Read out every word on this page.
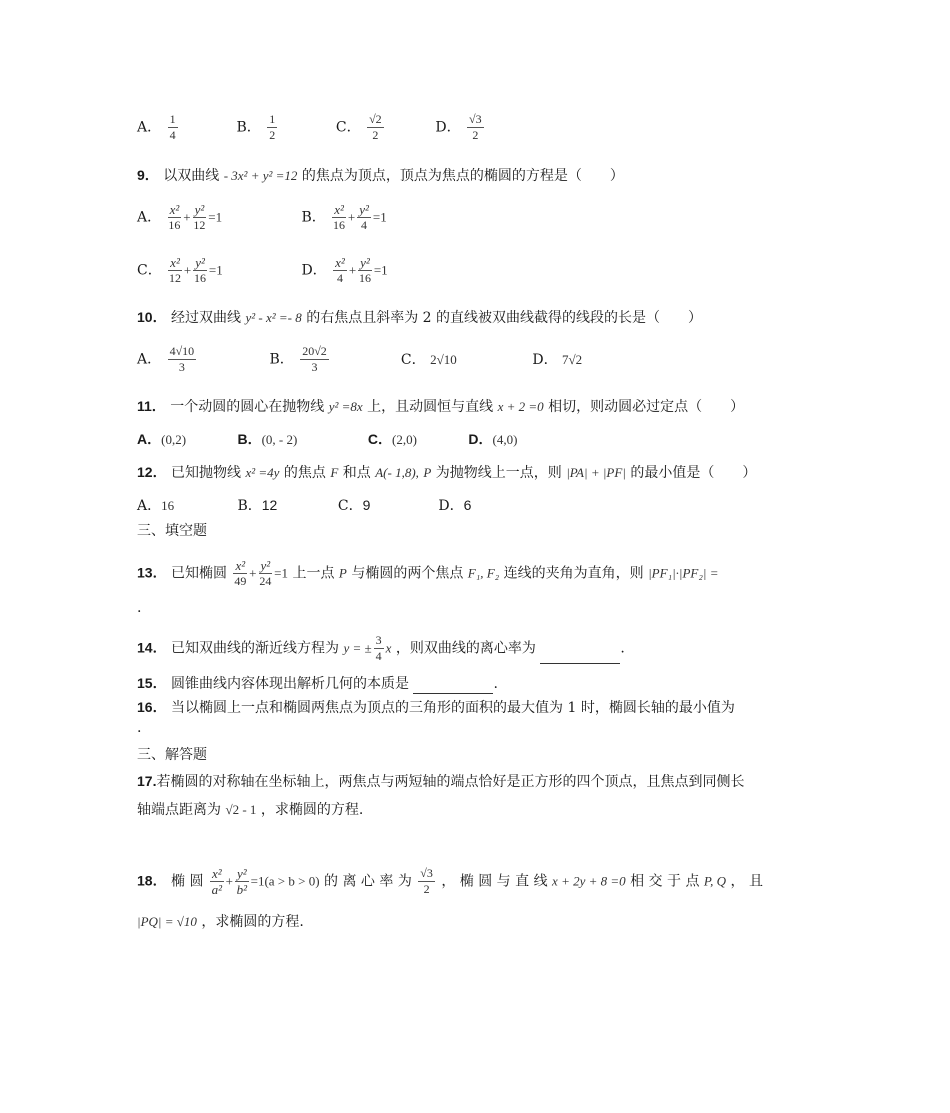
A． $\frac{1}{4}$	B． $\frac{1}{2}$	C． $\frac{√2}{2}$	D． $\frac{√3}{2}$
9． 以双曲线 - 3x² + y² =12 的焦点为顶点，顶点为焦点的椭圆的方程是（　　）
A． $\frac{\text{x²}}{16} + \frac{\text{y²}}{12} =1$	B． $\frac{\text{x²}}{16} + \frac{\text{y²}}{4} =1$
C． $\frac{\text{x²}}{12} + \frac{\text{y²}}{16} =1$	D． $\frac{\text{x²}}{4} + \frac{\text{y²}}{16} =1$
10． 经过双曲线 y² - x² =- 8 的右焦点且斜率为 2 的直线被双曲线截得的线段的长是（　　）
A． $\frac{4√10}{3}$	B． $\frac{20√2}{3}$	C． 2√10	D． 7√2
11． 一个动圆的圆心在抛物线 y² =8x 上，且动圆恒与直线 x + 2 =0 相切，则动圆必过定点（　　）
A．(0,2)	B．(0, - 2)	C．(2,0)	D．(4,0)
12． 已知抛物线 x² =4y 的焦点 F 和点 A(- 1,8), P 为抛物线上一点，则 |PA| + |PF| 的最小值是（　　）
A．16	B．12	C．9	D．6
三、填空题
13． 已知椭圆 $\frac{\text{x²}}{49} + \frac{\text{y²}}{24} =1$ 上一点 P 与椭圆的两个焦点 F₁, F₂ 连线的夹角为直角，则 |PF₁|·|PF₂| =
.
14． 已知双曲线的渐近线方程为 y = ± $\frac{3}{4}$ x ，则双曲线的离心率为	.
15． 圆锥曲线内容体现出解析几何的本质是	.
16． 当以椭圆上一点和椭圆两焦点为顶点的三角形的面积的最大值为 1 时，椭圆长轴的最小值为
.
三、解答题
17.若椭圆的对称轴在坐标轴上，两焦点与两短轴的端点恰好是正方形的四个顶点，且焦点到同侧长
轴端点距离为 √2 - 1 ，求椭圆的方程.
18． 椭 圆 $\frac{\text{x²}}{\text{a²}} + \frac{\text{y²}}{\text{b²}} =1(a > b > 0)$ 的 离 心 率 为 $\frac{√3}{2}$ ， 椭 圆 与 直 线 x + 2y + 8 =0 相 交 于 点 P, Q ， 且
|PQ| = √10 ，求椭圆的方程.
